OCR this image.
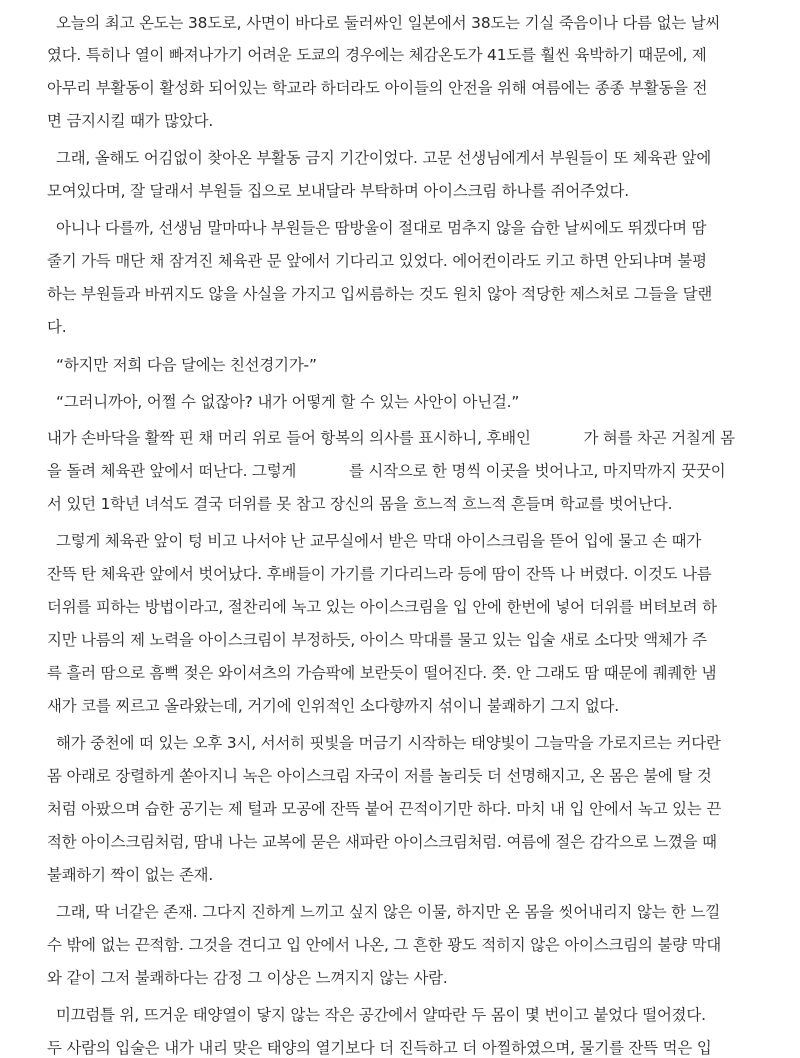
오늘의 최고 온도는 38도로, 사면이 바다로 둘러싸인 일본에서 38도는 기실 죽음이나 다름 없는 날씨
였다. 특히나 열이 빠져나가기 어려운 도쿄의 경우에는 체감온도가 41도를 훨씬 육박하기 때문에, 제
아무리 부활동이 활성화 되어있는 학교라 하더라도 아이들의 안전을 위해 여름에는 종종 부활동을 전
면 금지시킬 때가 많았다.
그래, 올해도 어김없이 찾아온 부활동 금지 기간이었다. 고문 선생님에게서 부원들이 또 체육관 앞에
모여있다며, 잘 달래서 부원들 집으로 보내달라 부탁하며 아이스크림 하나를 쥐어주었다.
아니나 다를까, 선생님 말마따나 부원들은 땀방울이 절대로 멈추지 않을 습한 날씨에도 뛰겠다며 땀
줄기 가득 매단 채 잠겨진 체육관 문 앞에서 기다리고 있었다. 에어컨이라도 키고 하면 안되냐며 불평
하는 부원들과 바뀌지도 않을 사실을 가지고 입씨름하는 것도 원치 않아 적당한 제스처로 그들을 달랜
다.
“하지만 저희 다음 달에는 친선경기가-”
“그러니까아, 어쩔 수 없잖아? 내가 어떻게 할 수 있는 사안이 아닌걸.”
내가 손바닥을 활짝 핀 채 머리 위로 들어 항복의 의사를 표시하니, 후배인	가 혀를 차곤 거칠게 몸
을 돌려 체육관 앞에서 떠난다. 그렇게	를 시작으로 한 명씩 이곳을 벗어나고, 마지막까지 꿋꿋이
서 있던 1학년 녀석도 결국 더위를 못 참고 장신의 몸을 흐느적 흐느적 흔들며 학교를 벗어난다.
그렇게 체육관 앞이 텅 비고 나서야 난 교무실에서 받은 막대 아이스크림을 뜯어 입에 물고 손 때가
잔뜩 탄 체육관 앞에서 벗어났다. 후배들이 가기를 기다리느라 등에 땀이 잔뜩 나 버렸다. 이것도 나름
더위를 피하는 방법이라고, 절찬리에 녹고 있는 아이스크림을 입 안에 한번에 넣어 더위를 버텨보려 하
지만 나름의 제 노력을 아이스크림이 부정하듯, 아이스 막대를 물고 있는 입술 새로 소다맛 액체가 주
륵 흘러 땀으로 흠뻑 젖은 와이셔츠의 가슴팍에 보란듯이 떨어진다. 쯧. 안 그래도 땀 때문에 퀘퀘한 냄
새가 코를 찌르고 올라왔는데, 거기에 인위적인 소다향까지 섞이니 불쾌하기 그지 없다.
해가 중천에 떠 있는 오후 3시, 서서히 핏빛을 머금기 시작하는 태양빛이 그늘막을 가로지르는 커다란
몸 아래로 장렬하게 쏟아지니 녹은 아이스크림 자국이 저를 놀리듯 더 선명해지고, 온 몸은 불에 탈 것
처럼 아팠으며 습한 공기는 제 털과 모공에 잔뜩 붙어 끈적이기만 하다. 마치 내 입 안에서 녹고 있는 끈
적한 아이스크림처럼, 땀내 나는 교복에 묻은 새파란 아이스크림처럼. 여름에 절은 감각으로 느꼈을 때
불쾌하기 짝이 없는 존재.
그래, 딱 너같은 존재. 그다지 진하게 느끼고 싶지 않은 이물, 하지만 온 몸을 씻어내리지 않는 한 느낄
수 밖에 없는 끈적함. 그것을 견디고 입 안에서 나온, 그 흔한 꽝도 적히지 않은 아이스크림의 불량 막대
와 같이 그저 불쾌하다는 감정 그 이상은 느껴지지 않는 사람.
미끄럼틀 위, 뜨거운 태양열이 닿지 않는 작은 공간에서 얄따란 두 몸이 몇 번이고 붙었다 떨어졌다.
두 사람의 입술은 내가 내리 맞은 태양의 열기보다 더 진득하고 더 아찔하였으며, 물기를 잔뜩 먹은 입
